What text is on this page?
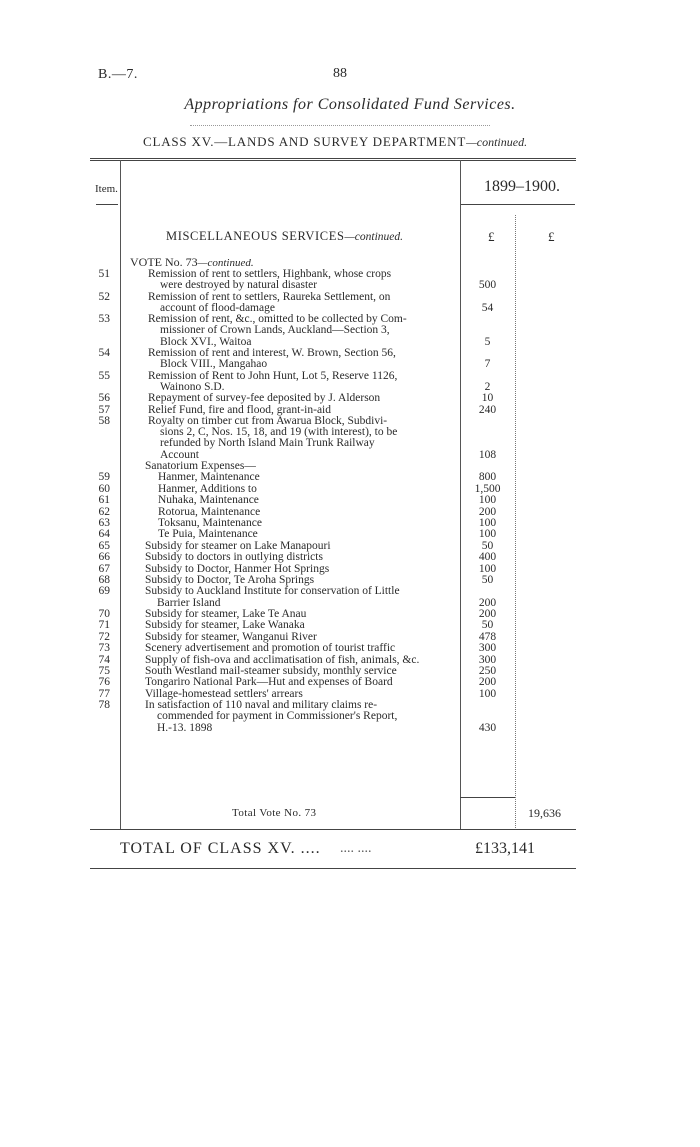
B.—7.	88
Appropriations for Consolidated Fund Services.
CLASS XV.—LANDS AND SURVEY DEPARTMENT—continued.
Item.	1899–1900.
MISCELLANEOUS SERVICES—continued.	£	£
VOTE No. 73—continued.
51	Remission of rent to settlers, Highbank, whose crops
were destroyed by natural disaster	500
52	Remission of rent to settlers, Raureka Settlement, on
account of flood-damage	54
53	Remission of rent, &c., omitted to be collected by Com-
missioner of Crown Lands, Auckland—Section 3,
Block XVI., Waitoa	5
54	Remission of rent and interest, W. Brown, Section 56,
Block VIII., Mangahao	7
55	Remission of Rent to John Hunt, Lot 5, Reserve 1126,
Wainono S.D.	2
56	Repayment of survey-fee deposited by J. Alderson	10
57	Relief Fund, fire and flood, grant-in-aid	240
58	Royalty on timber cut from Awarua Block, Subdivi-
sions 2, C, Nos. 15, 18, and 19 (with interest), to be
refunded by North Island Main Trunk Railway
Account	108
Sanatorium Expenses—
59	Hanmer, Maintenance	800
60	Hanmer, Additions to	1,500
61	Nuhaka, Maintenance	100
62	Rotorua, Maintenance	200
63	Toksanu, Maintenance	100
64	Te Puia, Maintenance	100
65	Subsidy for steamer on Lake Manapouri	50
66	Subsidy to doctors in outlying districts	400
67	Subsidy to Doctor, Hanmer Hot Springs	100
68	Subsidy to Doctor, Te Aroha Springs	50
69	Subsidy to Auckland Institute for conservation of Little
Barrier Island	200
70	Subsidy for steamer, Lake Te Anau	200
71	Subsidy for steamer, Lake Wanaka	50
72	Subsidy for steamer, Wanganui River	478
73	Scenery advertisement and promotion of tourist traffic	300
74	Supply of fish-ova and acclimatisation of fish, animals, &c.	300
75	South Westland mail-steamer subsidy, monthly service	250
76	Tongariro National Park—Hut and expenses of Board	200
77	Village-homestead settlers' arrears	100
78	In satisfaction of 110 naval and military claims re-
commended for payment in Commissioner's Report,
H.-13. 1898	430
Total Vote No. 73	19,636
TOTAL OF CLASS XV. .... .... ....	£133,141
